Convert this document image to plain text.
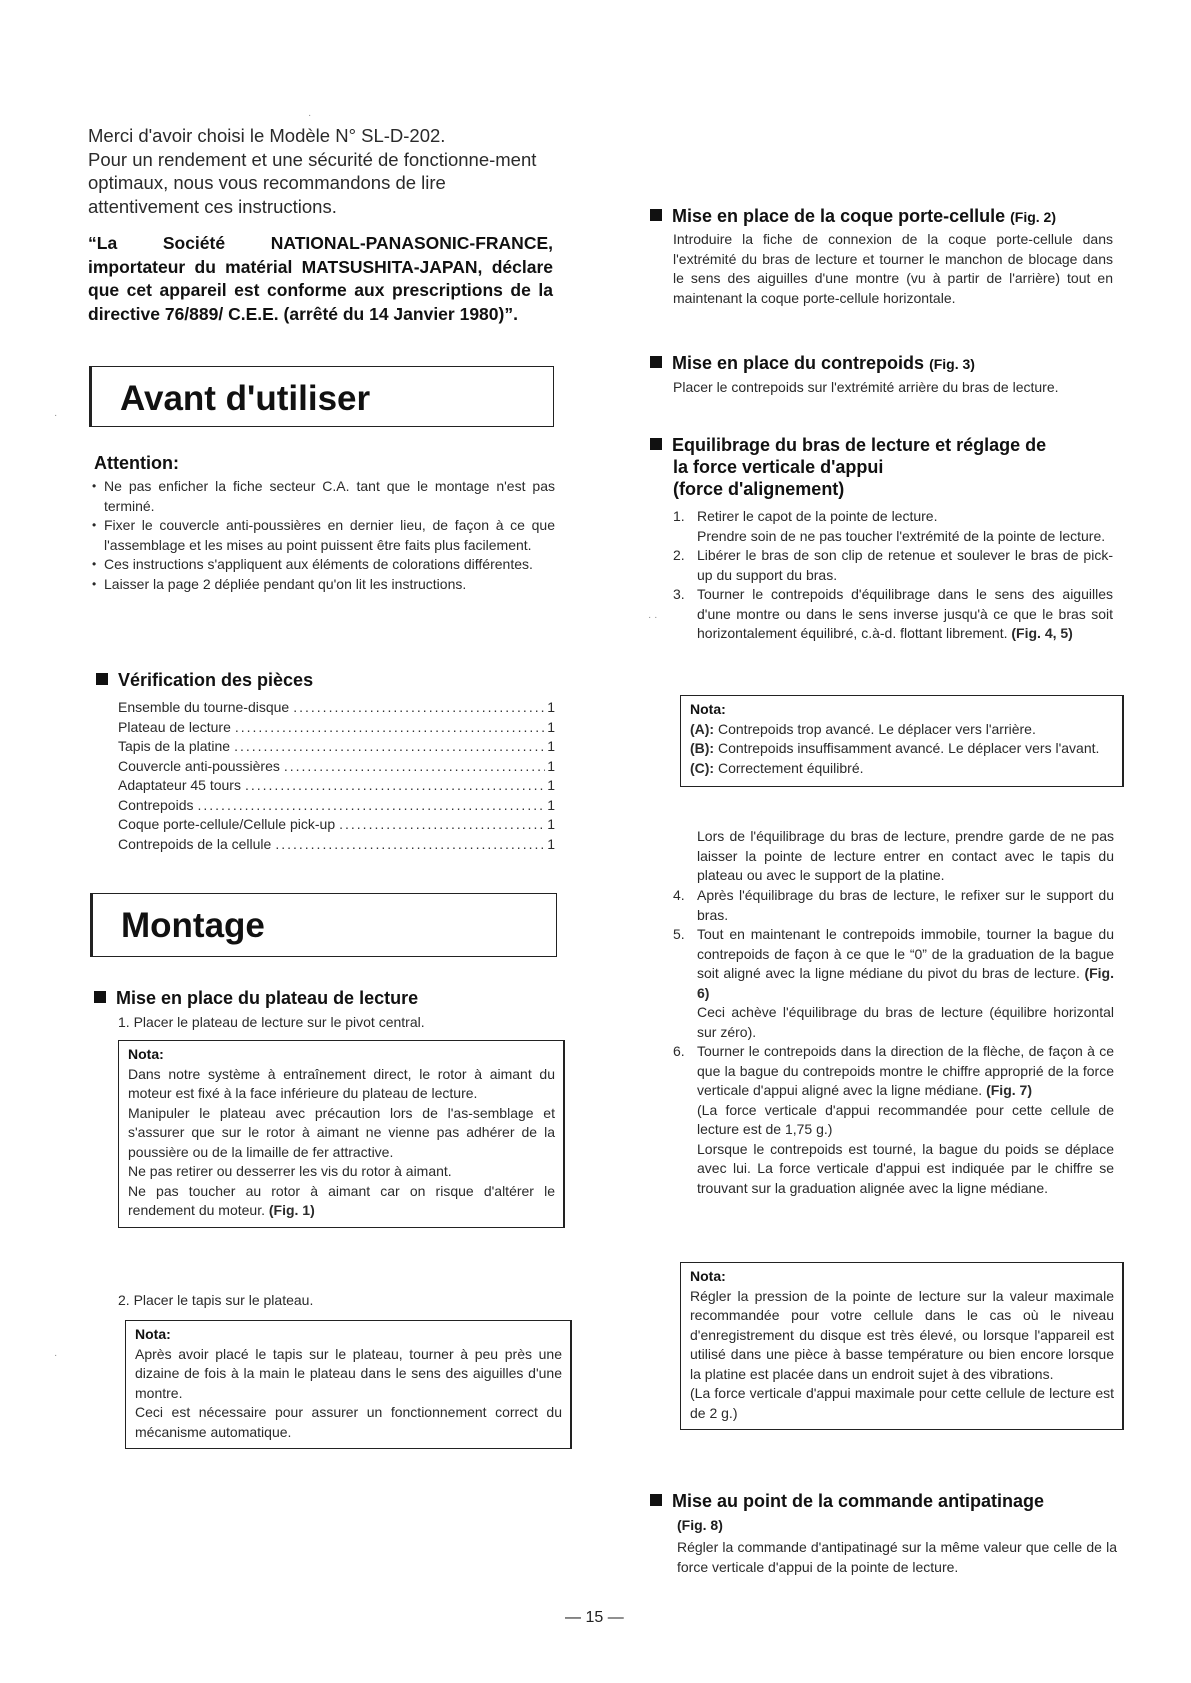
Merci d'avoir choisi le Modèle N° SL-D-202.

Pour un rendement et une sécurité de fonctionne-ment optimaux, nous vous recommandons de lire attentivement ces instructions.

“La Société NATIONAL-PANASONIC-FRANCE, importateur du matérial MATSUSHITA-JAPAN, déclare que cet appareil est conforme aux prescriptions de la directive 76/889/ C.E.E. (arrêté du 14 Janvier 1980)”.
Avant d'utiliser
Attention:
• Ne pas enficher la fiche secteur C.A. tant que le montage n'est pas terminé.
• Fixer le couvercle anti-poussières en dernier lieu, de façon à ce que l'assemblage et les mises au point puissent être faits plus facilement.
• Ces instructions s'appliquent aux éléments de colorations différentes.
• Laisser la page 2 dépliée pendant qu'on lit les instructions.
Vérification des pièces
Ensemble du tourne-disque .....	1
Plateau de lecture .....	1
Tapis de la platine .....	1
Couvercle anti-poussières .....	1
Adaptateur 45 tours .....	1
Contrepoids .....	1
Coque porte-cellule/Cellule pick-up .....	1
Contrepoids de la cellule .....	1
Montage
Mise en place du plateau de lecture
1. Placer le plateau de lecture sur le pivot central.

Nota:

Dans notre système à entraînement direct, le rotor à aimant du moteur est fixé à la face inférieure du plateau de lecture.

Manipuler le plateau avec précaution lors de l'as-semblage et s'assurer que sur le rotor à aimant ne vienne pas adhérer de la poussière ou de la limaille de fer attractive.

Ne pas retirer ou desserrer les vis du rotor à aimant.

Ne pas toucher au rotor à aimant car on risque d'altérer le rendement du moteur. (Fig. 1)

2. Placer le tapis sur le plateau.

Nota:

Après avoir placé le tapis sur le plateau, tourner à peu près une dizaine de fois à la main le plateau dans le sens des aiguilles d'une montre.

Ceci est nécessaire pour assurer un fonctionnement correct du mécanisme automatique.

Mise en place de la coque porte-cellule (Fig. 2)
Introduire la fiche de connexion de la coque porte-cellule dans l'extrémité du bras de lecture et tourner le manchon de blocage dans le sens des aiguilles d'une montre (vu à partir de l'arrière) tout en maintenant la coque porte-cellule horizontale.
Mise en place du contrepoids (Fig. 3)
Placer le contrepoids sur l'extrémité arrière du bras de lecture.
Equilibrage du bras de lecture et réglage de
la force verticale d'appui
(force d'alignement)
1. Retirer le capot de la pointe de lecture.
Prendre soin de ne pas toucher l'extrémité de la pointe de lecture.
2. Libérer le bras de son clip de retenue et soulever le bras de pick-up du support du bras.
3. Tourner le contrepoids d'équilibrage dans le sens des aiguilles d'une montre ou dans le sens inverse jusqu'à ce que le bras soit horizontalement équilibré, c.à-d. flottant librement. (Fig. 4, 5)

Nota:

(A): Contrepoids trop avancé. Le déplacer vers l'arrière.

(B): Contrepoids insuffisamment avancé. Le déplacer vers l'avant.

(C): Correctement équilibré.

Lors de l'équilibrage du bras de lecture, prendre garde de ne pas laisser la pointe de lecture entrer en contact avec le tapis du plateau ou avec le support de la platine.
4. Après l'équilibrage du bras de lecture, le refixer sur le support du bras.
5. Tout en maintenant le contrepoids immobile, tourner la bague du contrepoids de façon à ce que le “0” de la graduation de la bague soit aligné avec la ligne médiane du pivot du bras de lecture. (Fig. 6)
Ceci achève l'équilibrage du bras de lecture (équilibre horizontal sur zéro).
6. Tourner le contrepoids dans la direction de la flèche, de façon à ce que la bague du contrepoids montre le chiffre approprié de la force verticale d'appui aligné avec la ligne médiane. (Fig. 7)
(La force verticale d'appui recommandée pour cette cellule de lecture est de 1,75 g.)
Lorsque le contrepoids est tourné, la bague du poids se déplace avec lui. La force verticale d'appui est indiquée par le chiffre se trouvant sur la graduation alignée avec la ligne médiane.

Nota:

Régler la pression de la pointe de lecture sur la valeur maximale recommandée pour votre cellule dans le cas où le niveau d'enregistrement du disque est très élevé, ou lorsque l'appareil est utilisé dans une pièce à basse température ou bien encore lorsque la platine est placée dans un endroit sujet à des vibrations.

(La force verticale d'appui maximale pour cette cellule de lecture est de 2 g.)

Mise au point de la commande antipatinage
(Fig. 8)
Régler la commande d'antipatinagé sur la même valeur que celle de la force verticale d'appui de la pointe de lecture.
·
·
·
· ·
— 15 —
